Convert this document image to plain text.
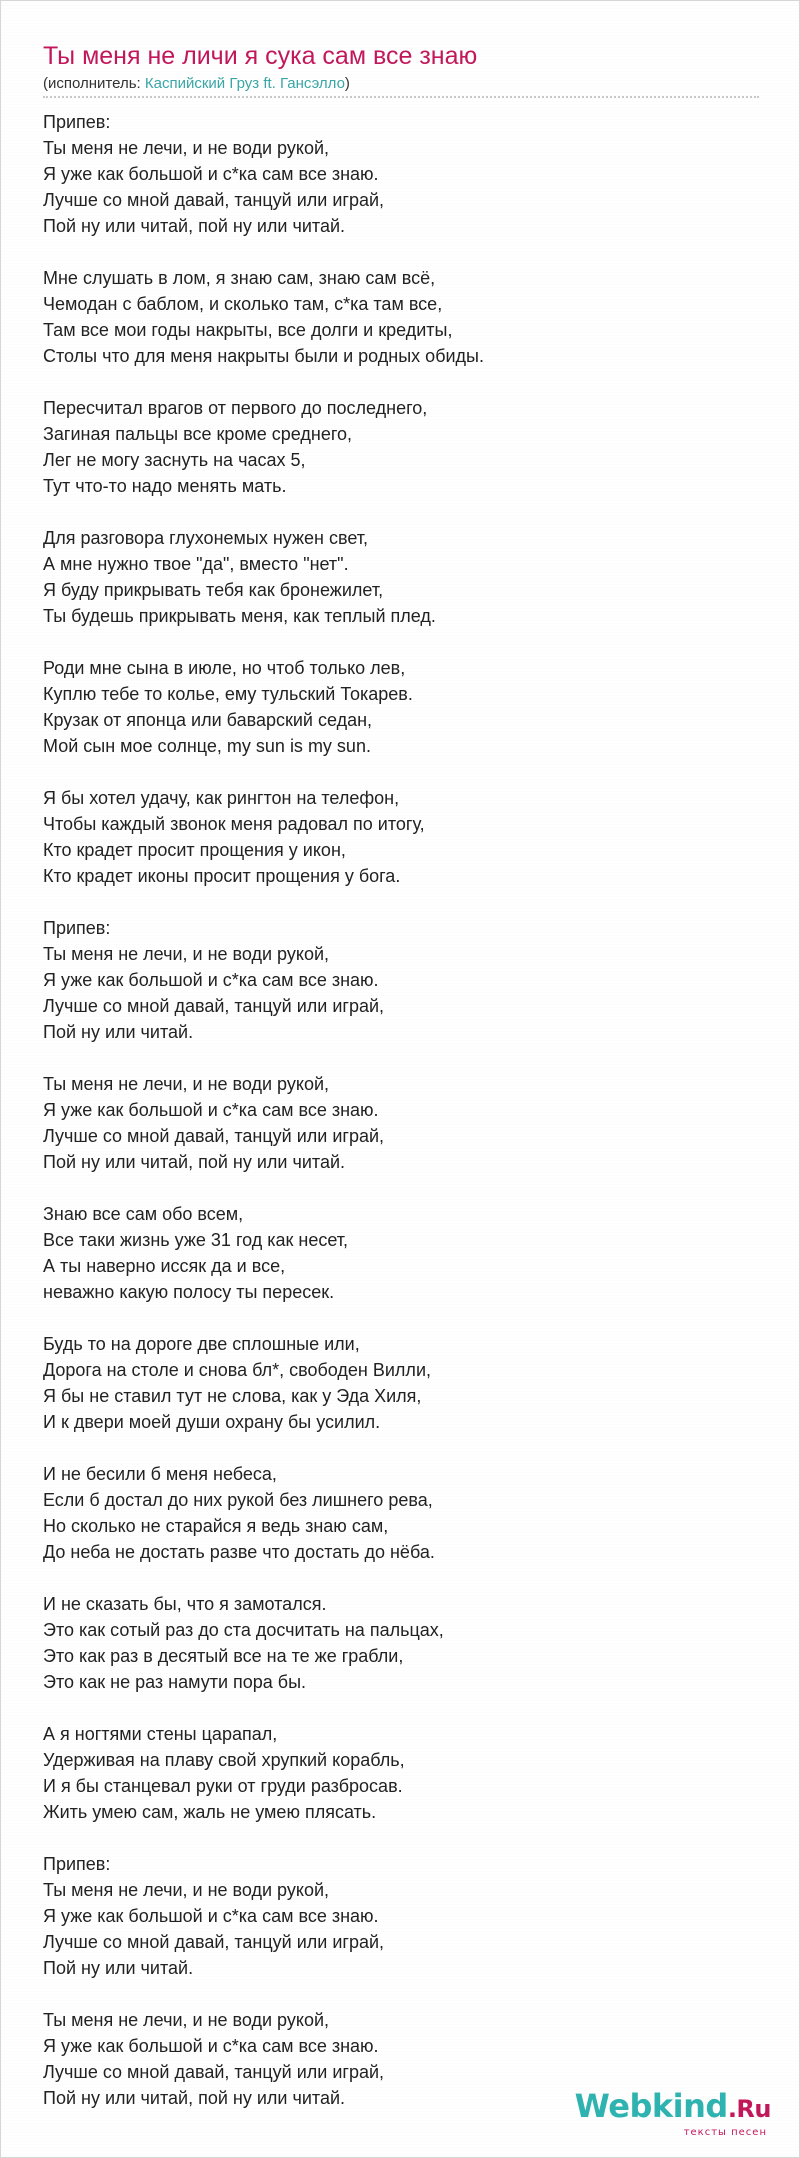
Ты меня не личи я сука сам все знаю
(исполнитель: Каспийский Груз ft. Гансэлло)
Припев:
Ты меня не лечи, и не води рукой,
Я уже как большой и с*ка сам все знаю.
Лучше со мной давай, танцуй или играй,
Пой ну или читай, пой ну или читай.
Мне слушать в лом, я знаю сам, знаю сам всё,
Чемодан с баблом, и сколько там, с*ка там все,
Там все мои годы накрыты, все долги и кредиты,
Столы что для меня накрыты были и родных обиды.
Пересчитал врагов от первого до последнего,
Загиная пальцы все кроме среднего,
Лег не могу заснуть на часах 5,
Тут что-то надо менять мать.
Для разговора глухонемых нужен свет,
А мне нужно твое "да", вместо "нет".
Я буду прикрывать тебя как бронежилет,
Ты будешь прикрывать меня, как теплый плед.
Роди мне сына в июле, но чтоб только лев,
Куплю тебе то колье, ему тульский Токарев.
Крузак от японца или баварский седан,
Мой сын мое солнце, my sun is my sun.
Я бы хотел удачу, как рингтон на телефон,
Чтобы каждый звонок меня радовал по итогу,
Кто крадет просит прощения у икон,
Кто крадет иконы просит прощения у бога.
Припев:
Ты меня не лечи, и не води рукой,
Я уже как большой и с*ка сам все знаю.
Лучше со мной давай, танцуй или играй,
Пой ну или читай.
Ты меня не лечи, и не води рукой,
Я уже как большой и с*ка сам все знаю.
Лучше со мной давай, танцуй или играй,
Пой ну или читай, пой ну или читай.
Знаю все сам обо всем,
Все таки жизнь уже 31 год как несет,
А ты наверно иссяк да и все,
неважно какую полосу ты пересек.
Будь то на дороге две сплошные или,
Дорога на столе и снова бл*, свободен Вилли,
Я бы не ставил тут не слова, как у Эда Хиля,
И к двери моей души охрану бы усилил.
И не бесили б меня небеса,
Если б достал до них рукой без лишнего рева,
Но сколько не старайся я ведь знаю сам,
До неба не достать разве что достать до нёба.
И не сказать бы, что я замотался.
Это как сотый раз до ста досчитать на пальцах,
Это как раз в десятый все на те же грабли,
Это как не раз намути пора бы.
А я ногтями стены царапал,
Удерживая на плаву свой хрупкий корабль,
И я бы станцевал руки от груди разбросав.
Жить умею сам, жаль не умею плясать.
Припев:
Ты меня не лечи, и не води рукой,
Я уже как большой и с*ка сам все знаю.
Лучше со мной давай, танцуй или играй,
Пой ну или читай.
Ты меня не лечи, и не води рукой,
Я уже как большой и с*ка сам все знаю.
Лучше со мной давай, танцуй или играй,
Пой ну или читай, пой ну или читай.	Webkind.Ru
тексты песен
